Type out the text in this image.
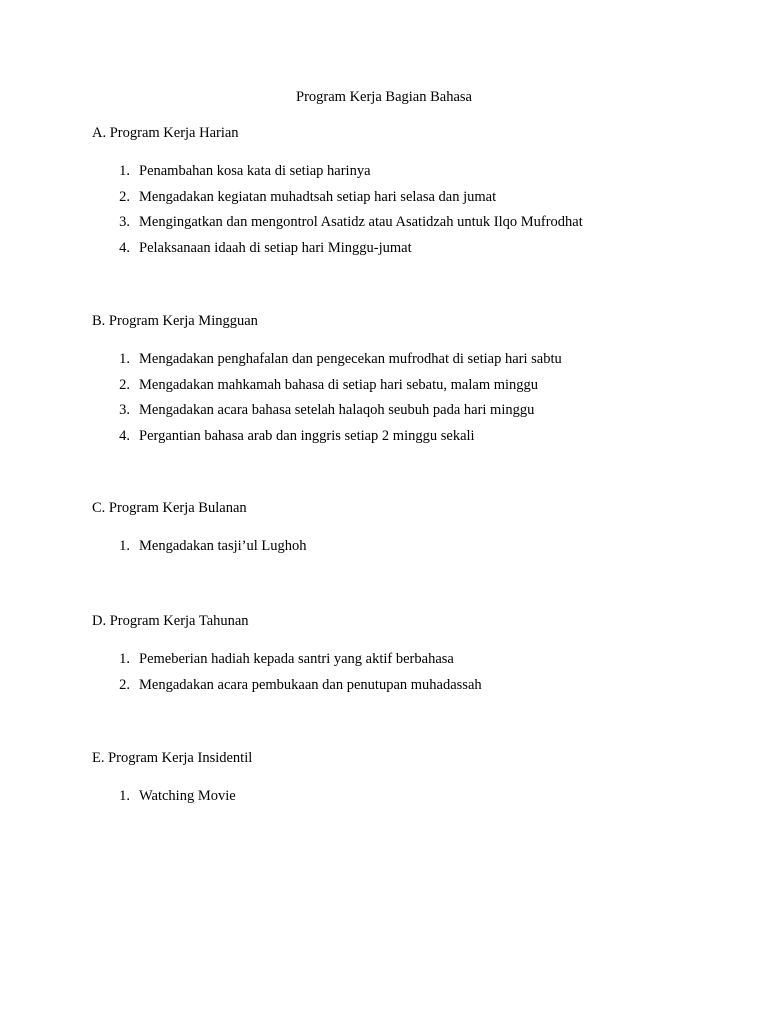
Program Kerja Bagian Bahasa

A. Program Kerja Harian

1. Penambahan kosa kata di setiap harinya
2. Mengadakan kegiatan muhadtsah setiap hari selasa dan jumat
3. Mengingatkan dan mengontrol Asatidz atau Asatidzah untuk Ilqo Mufrodhat
4. Pelaksanaan idaah di setiap hari Minggu-jumat

B. Program Kerja Mingguan

1. Mengadakan penghafalan dan pengecekan mufrodhat di setiap hari sabtu
2. Mengadakan mahkamah bahasa di setiap hari sebatu, malam minggu
3. Mengadakan acara bahasa setelah halaqoh seubuh pada hari minggu
4. Pergantian bahasa arab dan inggris setiap 2 minggu sekali

C. Program Kerja Bulanan

1. Mengadakan tasji’ul Lughoh

D. Program Kerja Tahunan

1. Pemeberian hadiah kepada santri yang aktif berbahasa
2. Mengadakan acara pembukaan dan penutupan muhadassah

E. Program Kerja Insidentil

1. Watching Movie
